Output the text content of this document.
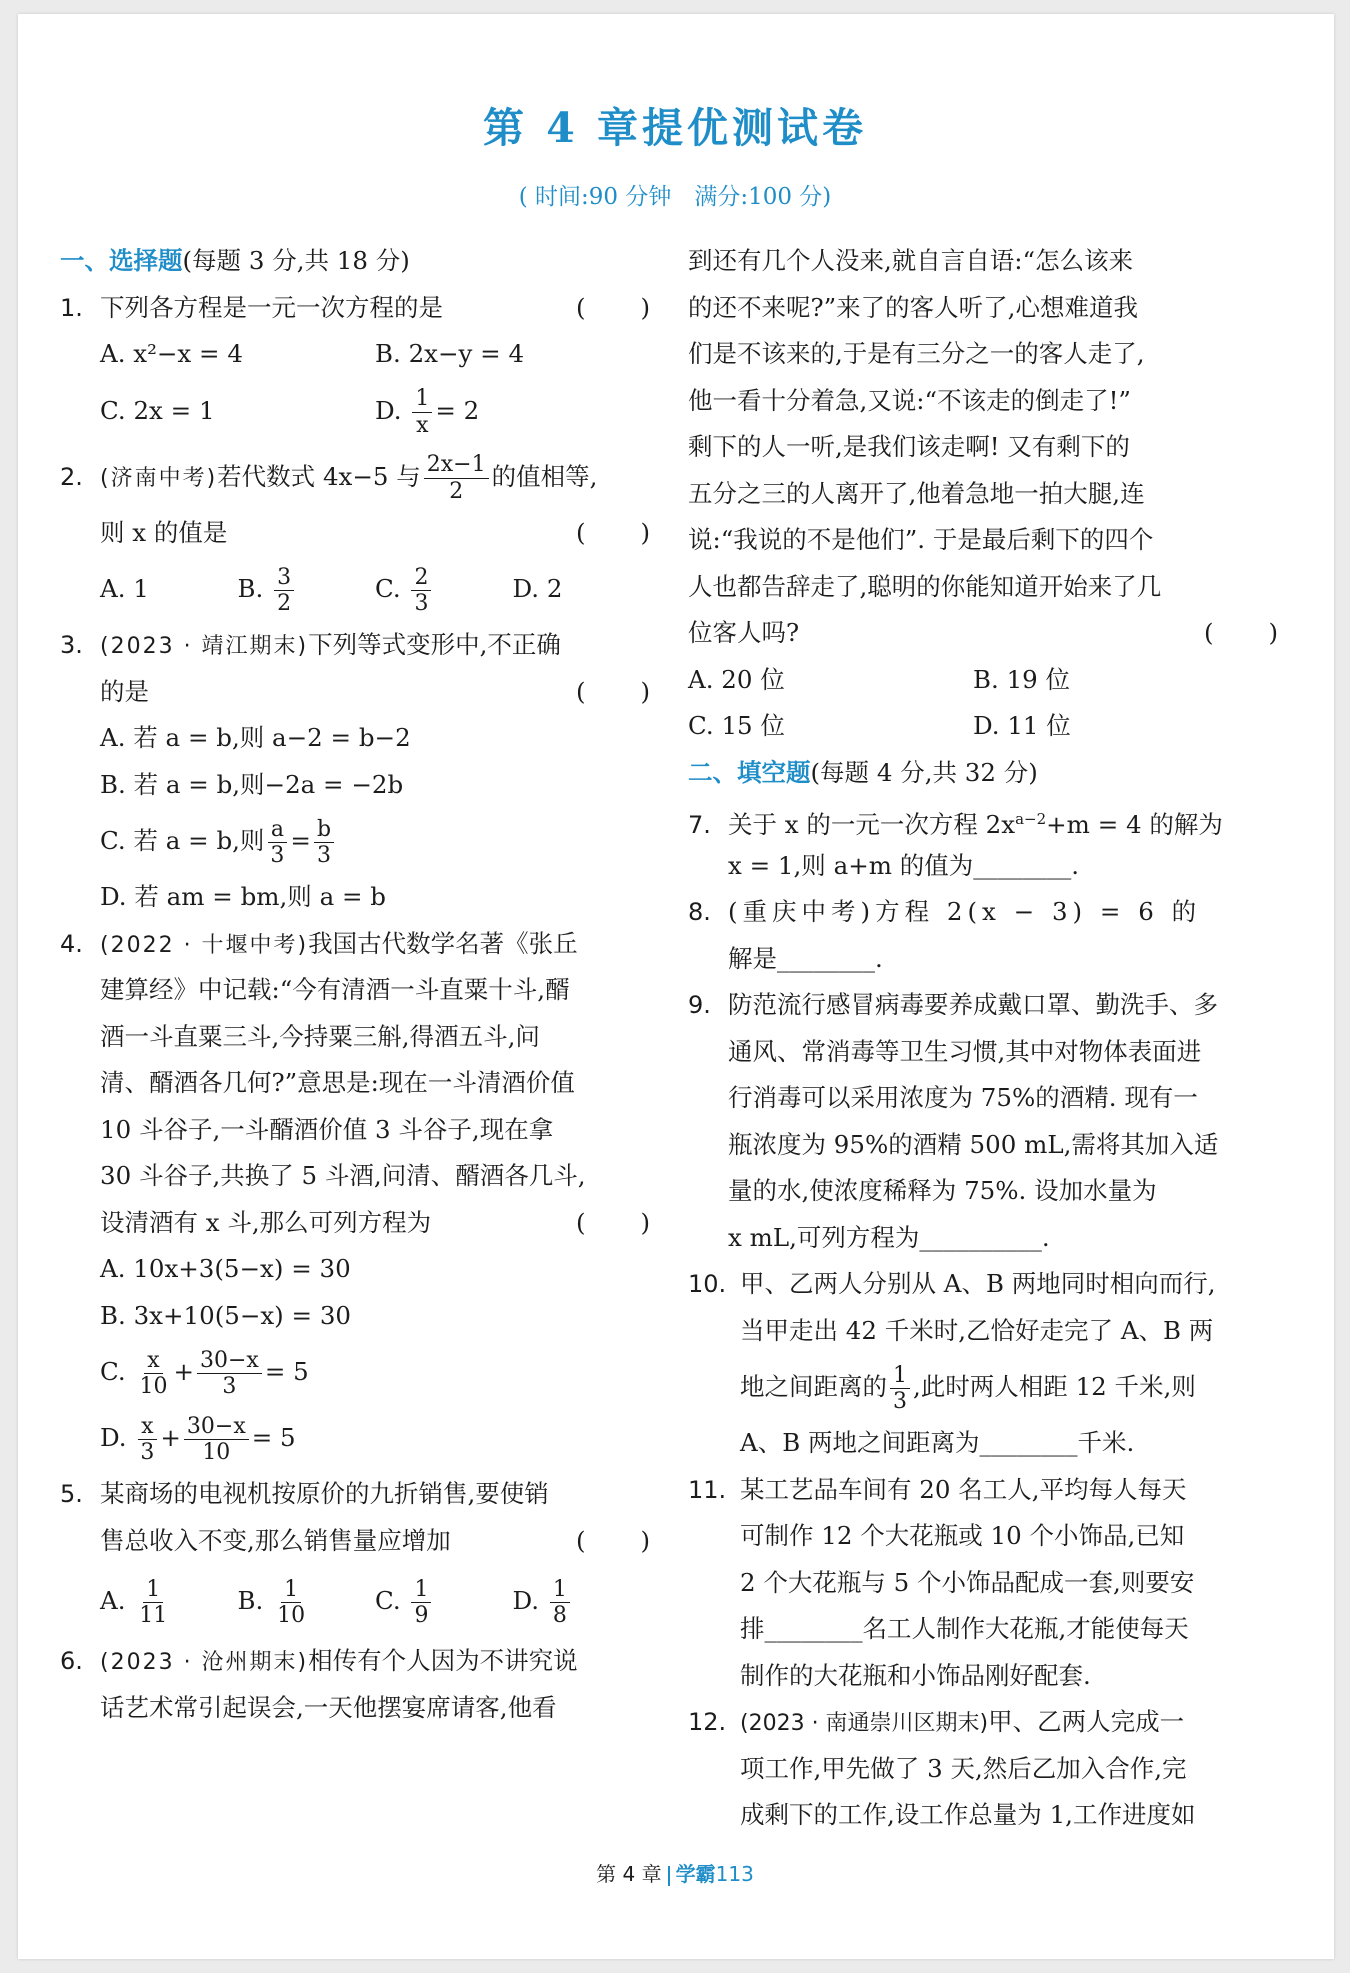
第 4 章提优测试卷
( 时间:90 分钟　满分:100 分)
一、选择题(每题 3 分,共 18 分)
1. 下列各方程是一元一次方程的是	( )
A. x²−x = 4	B. 2x−y = 4
C. 2x = 1	D. $\frac{1}{x} = 2$
2. (济南中考)若代数式 4x−5 与 $\frac{2x-1}{2}$ 的值相等,
则 x 的值是	( )
A. 1	B. $\frac{3}{2}$	C. $\frac{2}{3}$	D. 2
3. (2023 · 靖江期末)下列等式变形中,不正确
的是	( )
A. 若 a = b,则 a−2 = b−2
B. 若 a = b,则−2a = −2b
C. 若 a = b,则 $\frac{a}{3} = \frac{b}{3}$
D. 若 am = bm,则 a = b
4. (2022 · 十堰中考)我国古代数学名著《张丘
建算经》中记载:“今有清酒一斗直粟十斗,醑
酒一斗直粟三斗,今持粟三斛,得酒五斗,问
清、醑酒各几何?”意思是:现在一斗清酒价值
10 斗谷子,一斗醑酒价值 3 斗谷子,现在拿
30 斗谷子,共换了 5 斗酒,问清、醑酒各几斗,
设清酒有 x 斗,那么可列方程为	( )
A. 10x+3(5−x) = 30
B. 3x+10(5−x) = 30
C. $\frac{x}{10} + \frac{30-x}{3} = 5$
D. $\frac{x}{3} + \frac{30-x}{10} = 5$
5. 某商场的电视机按原价的九折销售,要使销
售总收入不变,那么销售量应增加	( )
A. $\frac{1}{11}$	B. $\frac{1}{10}$	C. $\frac{1}{9}$	D. $\frac{1}{8}$
6. (2023 · 沧州期末)相传有个人因为不讲究说
话艺术常引起误会,一天他摆宴席请客,他看
到还有几个人没来,就自言自语:“怎么该来
的还不来呢?”来了的客人听了,心想难道我
们是不该来的,于是有三分之一的客人走了,
他一看十分着急,又说:“不该走的倒走了!”
剩下的人一听,是我们该走啊! 又有剩下的
五分之三的人离开了,他着急地一拍大腿,连
说:“我说的不是他们”. 于是最后剩下的四个
人也都告辞走了,聪明的你能知道开始来了几
位客人吗?	( )
A. 20 位	B. 19 位
C. 15 位	D. 11 位
二、填空题(每题 4 分,共 32 分)
7. 关于 x 的一元一次方程 $2x^{a-2}+m = 4$ 的解为
x = 1,则 a+m 的值为________.
8. (重庆中考)方程 2(x − 3) = 6 的
解是________.
9. 防范流行感冒病毒要养成戴口罩、勤洗手、多
通风、常消毒等卫生习惯,其中对物体表面进
行消毒可以采用浓度为 75%的酒精. 现有一
瓶浓度为 95%的酒精 500 mL,需将其加入适
量的水,使浓度稀释为 75%. 设加水量为
x mL,可列方程为__________.
10. 甲、乙两人分别从 A、B 两地同时相向而行,
当甲走出 42 千米时,乙恰好走完了 A、B 两
地之间距离的 $\frac{1}{3}$ ,此时两人相距 12 千米,则
A、B 两地之间距离为________千米.
11. 某工艺品车间有 20 名工人,平均每人每天
可制作 12 个大花瓶或 10 个小饰品,已知
2 个大花瓶与 5 个小饰品配成一套,则要安
排________名工人制作大花瓶,才能使每天
制作的大花瓶和小饰品刚好配套.
12. (2023 · 南通崇川区期末)甲、乙两人完成一
项工作,甲先做了 3 天,然后乙加入合作,完
成剩下的工作,设工作总量为 1,工作进度如
第 4 章 学霸113
